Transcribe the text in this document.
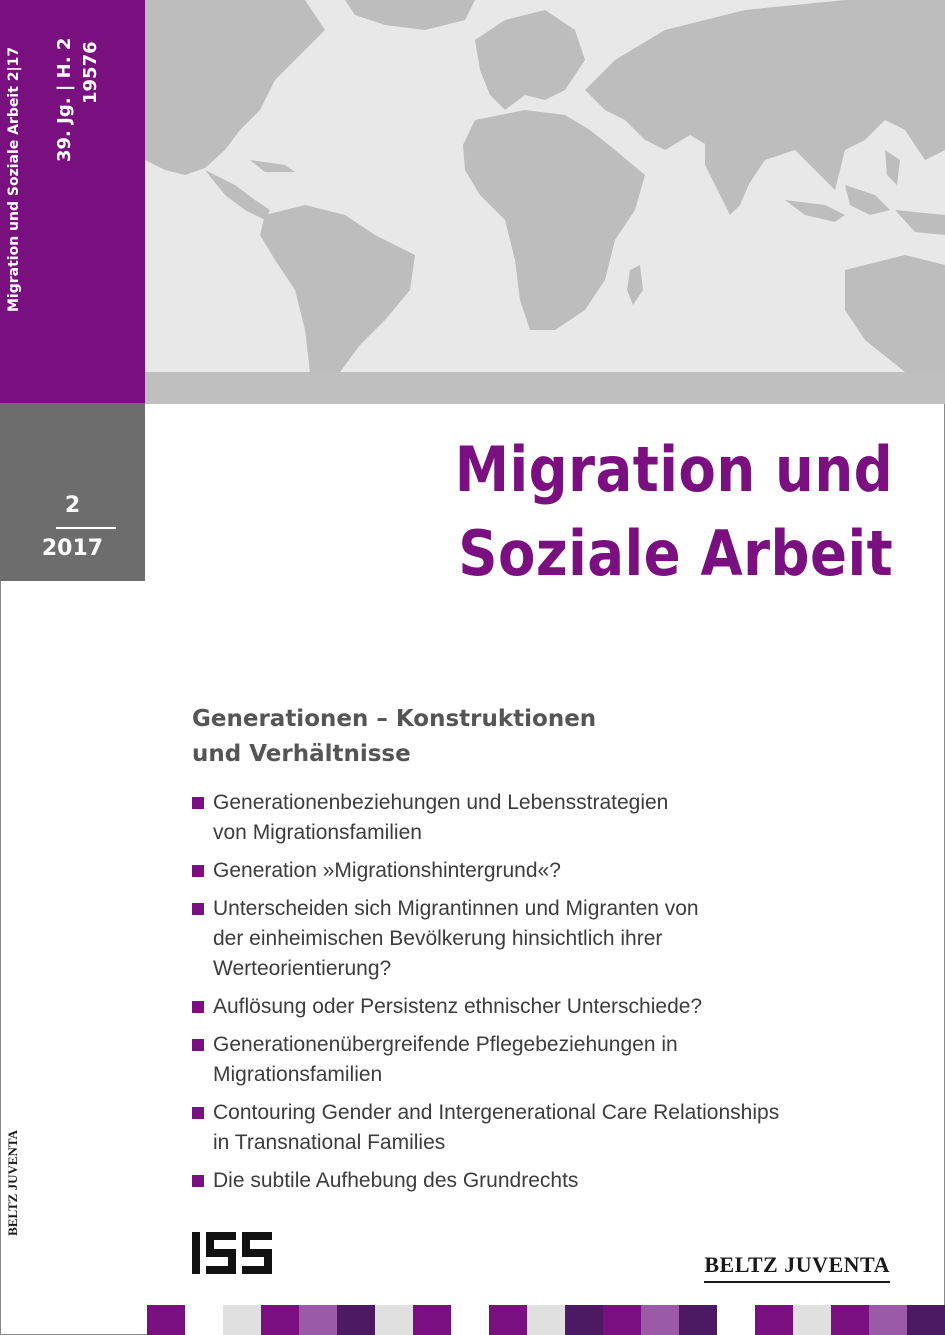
Migration und Soziale Arbeit 2|17 39. Jg. | H. 2 19576
2
2017
Migration und
Soziale Arbeit
Generationen – Konstruktionen
und Verhältnisse
Generationenbeziehungen und Lebensstrategien
von Migrationsfamilien
Generation »Migrationshintergrund«?
Unterscheiden sich Migrantinnen und Migranten von
der einheimischen Bevölkerung hinsichtlich ihrer
Werteorientierung?
Auflösung oder Persistenz ethnischer Unterschiede?
Generationenübergreifende Pflegebeziehungen in
Migrationsfamilien
Contouring Gender and Intergenerational Care Relationships
in Transnational Families
Die subtile Aufhebung des Grundrechts
BELTZ JUVENTA
BELTZ JUVENTA
